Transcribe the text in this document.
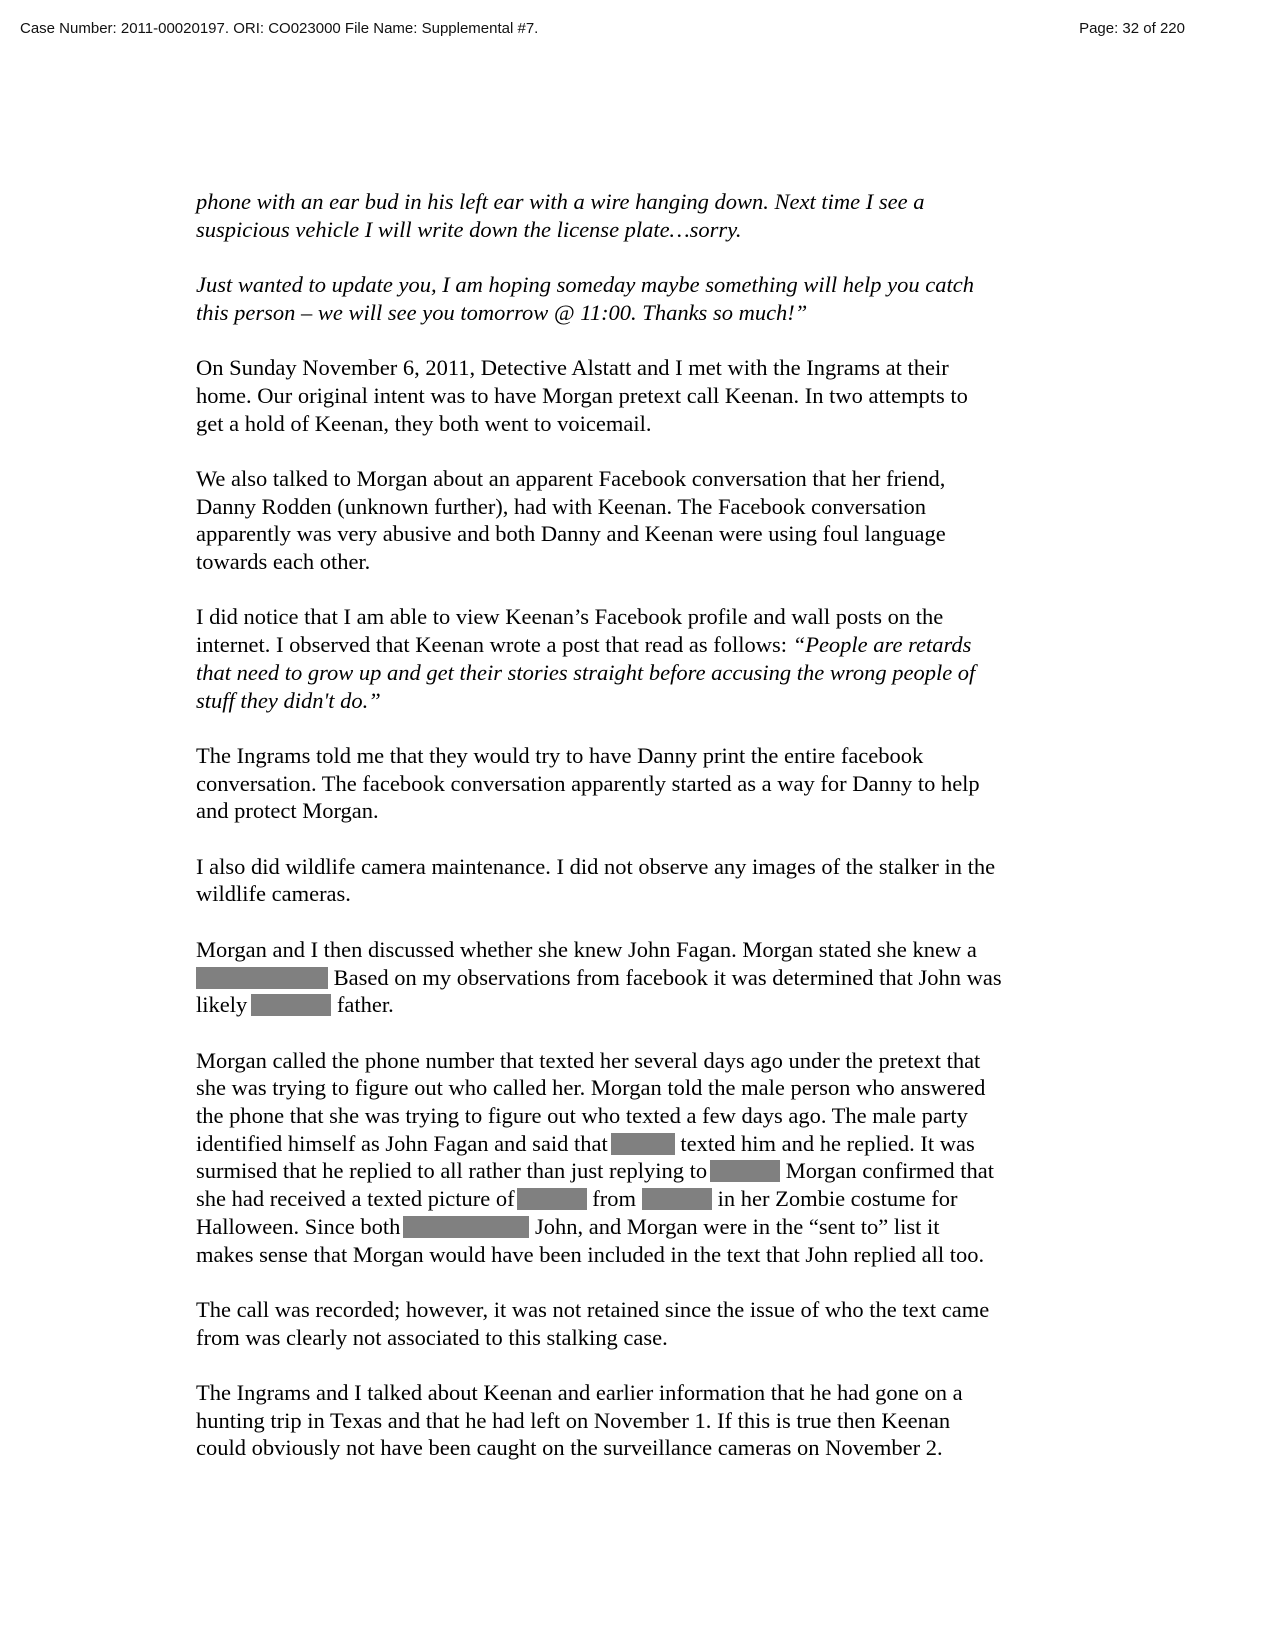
Case Number: 2011-00020197. ORI: CO023000 File Name: Supplemental #7.	Page: 32 of 220

phone with an ear bud in his left ear with a wire hanging down. Next time I see a
suspicious vehicle I will write down the license plate…sorry.

Just wanted to update you, I am hoping someday maybe something will help you catch
this person – we will see you tomorrow @ 11:00. Thanks so much!”

On Sunday November 6, 2011, Detective Alstatt and I met with the Ingrams at their
home. Our original intent was to have Morgan pretext call Keenan. In two attempts to
get a hold of Keenan, they both went to voicemail.

We also talked to Morgan about an apparent Facebook conversation that her friend,
Danny Rodden (unknown further), had with Keenan. The Facebook conversation
apparently was very abusive and both Danny and Keenan were using foul language
towards each other.

I did notice that I am able to view Keenan’s Facebook profile and wall posts on the
internet. I observed that Keenan wrote a post that read as follows: “People are retards
that need to grow up and get their stories straight before accusing the wrong people of
stuff they didn't do.”

The Ingrams told me that they would try to have Danny print the entire facebook
conversation. The facebook conversation apparently started as a way for Danny to help
and protect Morgan.

I also did wildlife camera maintenance. I did not observe any images of the stalker in the
wildlife cameras.

Morgan and I then discussed whether she knew John Fagan. Morgan stated she knew a
Based on my observations from facebook it was determined that John was
likely	father.

Morgan called the phone number that texted her several days ago under the pretext that
she was trying to figure out who called her. Morgan told the male person who answered
the phone that she was trying to figure out who texted a few days ago. The male party
identified himself as John Fagan and said that	texted him and he replied. It was
surmised that he replied to all rather than just replying to	Morgan confirmed that
she had received a texted picture of	from	in her Zombie costume for
Halloween. Since both	John, and Morgan were in the “sent to” list it
makes sense that Morgan would have been included in the text that John replied all too.

The call was recorded; however, it was not retained since the issue of who the text came
from was clearly not associated to this stalking case.

The Ingrams and I talked about Keenan and earlier information that he had gone on a
hunting trip in Texas and that he had left on November 1. If this is true then Keenan
could obviously not have been caught on the surveillance cameras on November 2.
